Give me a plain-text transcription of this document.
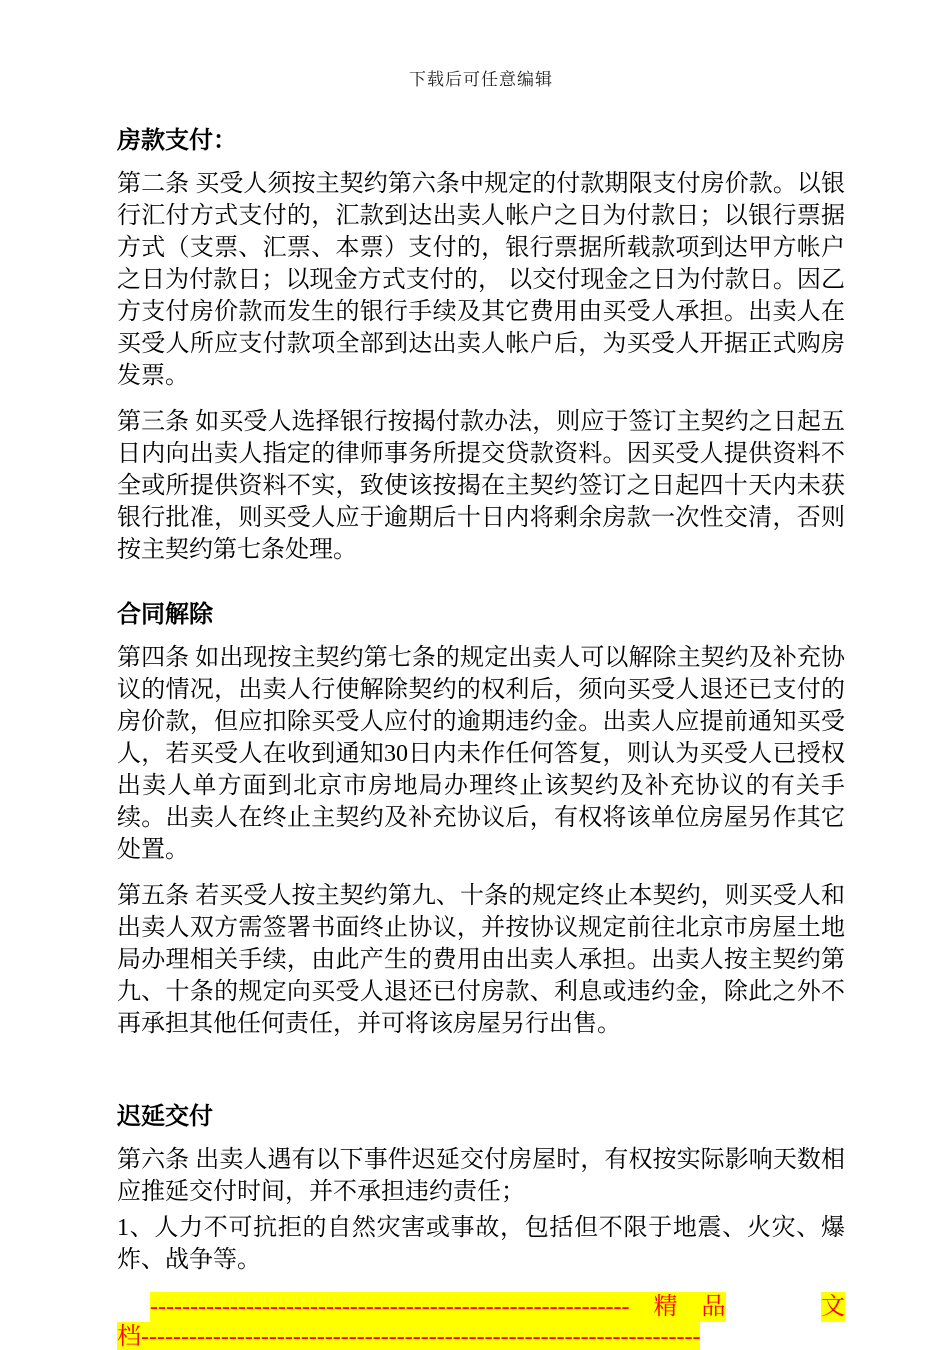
下载后可任意编辑

房款支付：

第二条 买受人须按主契约第六条中规定的付款期限支付房价款。以银行汇付方式支付的，汇款到达出卖人帐户之日为付款日；以银行票据方式（支票、汇票、本票）支付的，银行票据所载款项到达甲方帐户之日为付款日；以现金方式支付的， 以交付现金之日为付款日。因乙方支付房价款而发生的银行手续及其它费用由买受人承担。出卖人在买受人所应支付款项全部到达出卖人帐户后，为买受人开据正式购房发票。

第三条 如买受人选择银行按揭付款办法，则应于签订主契约之日起五日内向出卖人指定的律师事务所提交贷款资料。因买受人提供资料不全或所提供资料不实，致使该按揭在主契约签订之日起四十天内未获银行批准，则买受人应于逾期后十日内将剩余房款一次性交清，否则按主契约第七条处理。

合同解除

第四条 如出现按主契约第七条的规定出卖人可以解除主契约及补充协议的情况，出卖人行使解除契约的权利后，须向买受人退还已支付的房价款，但应扣除买受人应付的逾期违约金。出卖人应提前通知买受人，若买受人在收到通知30日内未作任何答复，则认为买受人已授权出卖人单方面到北京市房地局办理终止该契约及补充协议的有关手续。出卖人在终止主契约及补充协议后，有权将该单位房屋另作其它处置。

第五条 若买受人按主契约第九、十条的规定终止本契约，则买受人和出卖人双方需签署书面终止协议，并按协议规定前往北京市房屋土地局办理相关手续，由此产生的费用由出卖人承担。出卖人按主契约第九、十条的规定向买受人退还已付房款、利息或违约金，除此之外不再承担其他任何责任，并可将该房屋另行出售。

迟延交付

第六条 出卖人遇有以下事件迟延交付房屋时，有权按实际影响天数相应推延交付时间，并不承担违约责任；

1、人力不可抗拒的自然灾害或事故，包括但不限于地震、火灾、爆炸、战争等。

------------------------------------------------------------　精　品	文
档----------------------------------------------------------------------
